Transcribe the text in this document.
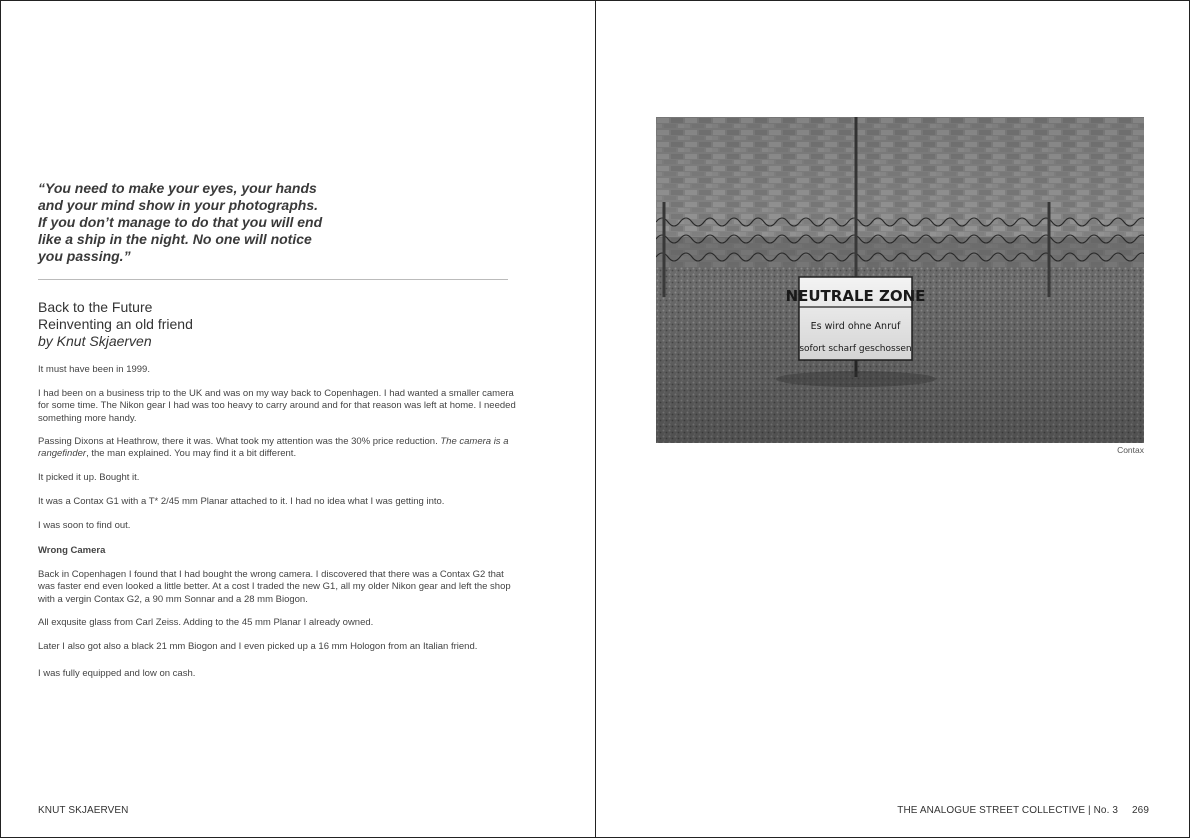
“You need to make your eyes, your hands
and your mind show in your photographs.
If you don’t manage to do that you will end
like a ship in the night. No one will notice
you passing.”
Back to the Future
Reinventing an old friend
by Knut Skjaerven

It must have been in 1999.

I had been on a business trip to the UK and was on my way back to Copenhagen. I had wanted a smaller camera for some time. The Nikon gear I had was too heavy to carry around and for that reason was left at home. I needed something more handy.

Passing Dixons at Heathrow, there it was. What took my attention was the 30% price reduction. The camera is a rangefinder, the man explained. You may find it a bit different.

It picked it up. Bought it.

It was a Contax G1 with a T* 2/45 mm Planar attached to it. I had no idea what I was getting into.

I was soon to find out.

Wrong Camera

Back in Copenhagen I found that I had bought the wrong camera. I discovered that there was a Contax G2 that was faster end even looked a little better. At a cost I traded the new G1, all my older Nikon gear and left the shop with a vergin Contax G2, a 90 mm Sonnar and a 28 mm Biogon.

All exqusite glass from Carl Zeiss. Adding to the 45 mm Planar I already owned.

Later I also got also a black 21 mm Biogon and I even picked up a 16 mm Hologon from an Italian friend.

I was fully equipped and low on cash.

KNUT SKJAERVEN
Contax
THE ANALOGUE STREET COLLECTIVE | No. 3 269
